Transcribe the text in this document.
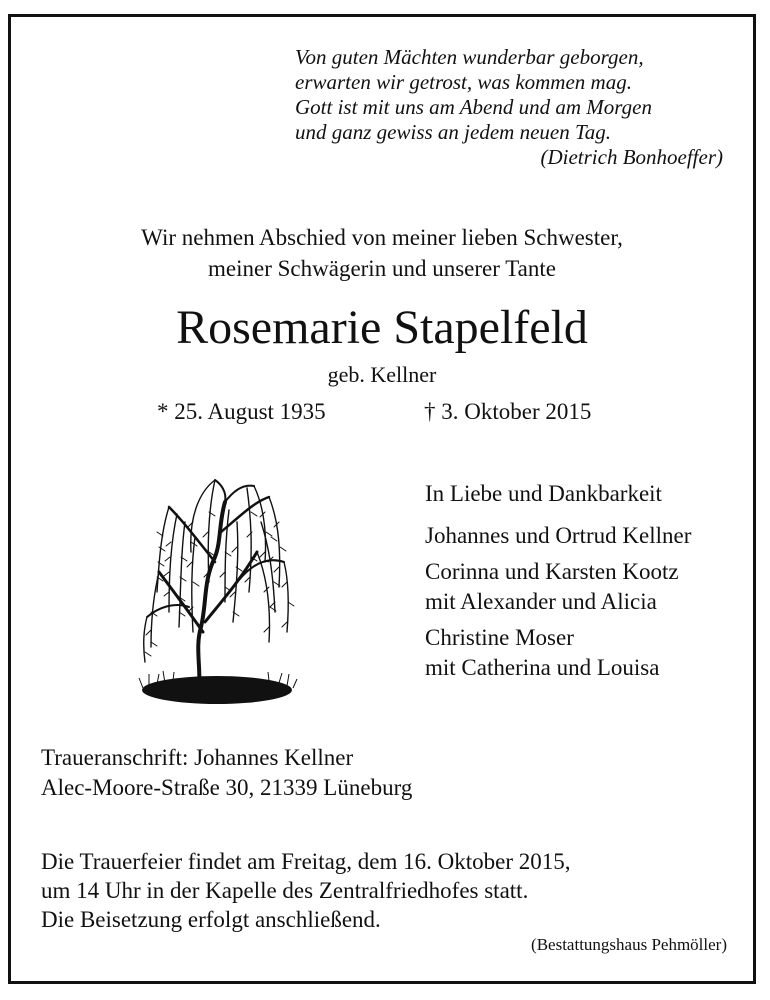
Von guten Mächten wunderbar geborgen,
erwarten wir getrost, was kommen mag.
Gott ist mit uns am Abend und am Morgen
und ganz gewiss an jedem neuen Tag.
(Dietrich Bonhoeffer)
Wir nehmen Abschied von meiner lieben Schwester,
meiner Schwägerin und unserer Tante
Rosemarie Stapelfeld
geb. Kellner
* 25. August 1935	† 3. Oktober 2015
In Liebe und Dankbarkeit
Johannes und Ortrud Kellner
Corinna und Karsten Kootz
mit Alexander und Alicia
Christine Moser
mit Catherina und Louisa
Traueranschrift: Johannes Kellner
Alec-Moore-Straße 30, 21339 Lüneburg
Die Trauerfeier findet am Freitag, dem 16. Oktober 2015,
um 14 Uhr in der Kapelle des Zentralfriedhofes statt.
Die Beisetzung erfolgt anschließend.
(Bestattungshaus Pehmöller)
